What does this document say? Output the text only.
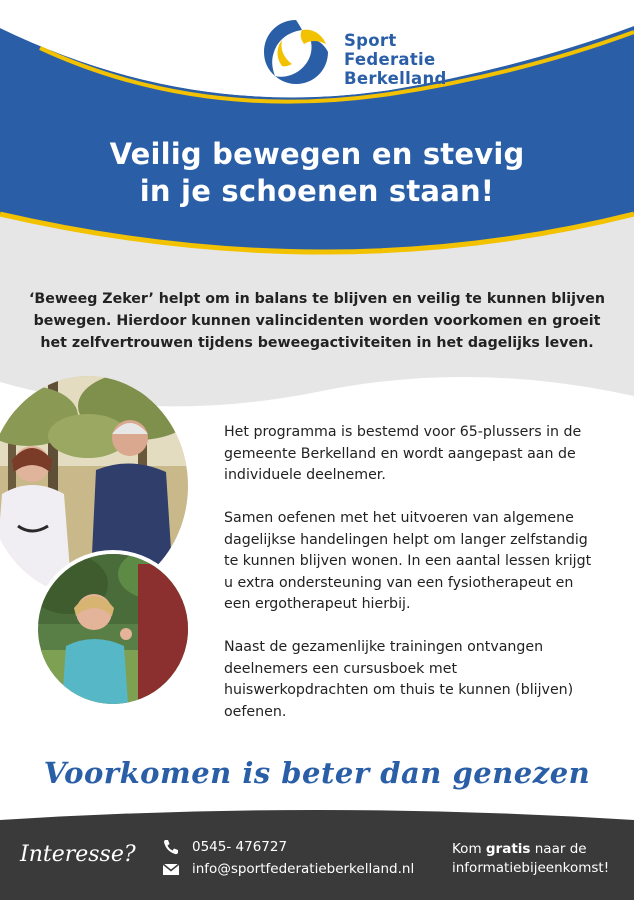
Sport
Federatie
Berkelland
Veilig bewegen en stevig
in je schoenen staan!
‘Beweeg Zeker’ helpt om in balans te blijven en veilig te kunnen blijven bewegen. Hierdoor kunnen valincidenten worden voorkomen en groeit het zelfvertrouwen tijdens beweegactiviteiten in het dagelijks leven.

Het programma is bestemd voor 65-plussers in de gemeente Berkelland en wordt aangepast aan de individuele deelnemer.

Samen oefenen met het uitvoeren van algemene dagelijkse handelingen helpt om langer zelfstandig te kunnen blijven wonen. In een aantal lessen krijgt u extra ondersteuning van een fysiotherapeut en een ergotherapeut hierbij.

Naast de gezamenlijke trainingen ontvangen deelnemers een cursusboek met huiswerkopdrachten om thuis te kunnen (blijven) oefenen.

Voorkomen is beter dan genezen
Interesse?	0545- 476727
info@sportfederatieberkelland.nl
Kom gratis naar de
informatiebijeenkomst!
